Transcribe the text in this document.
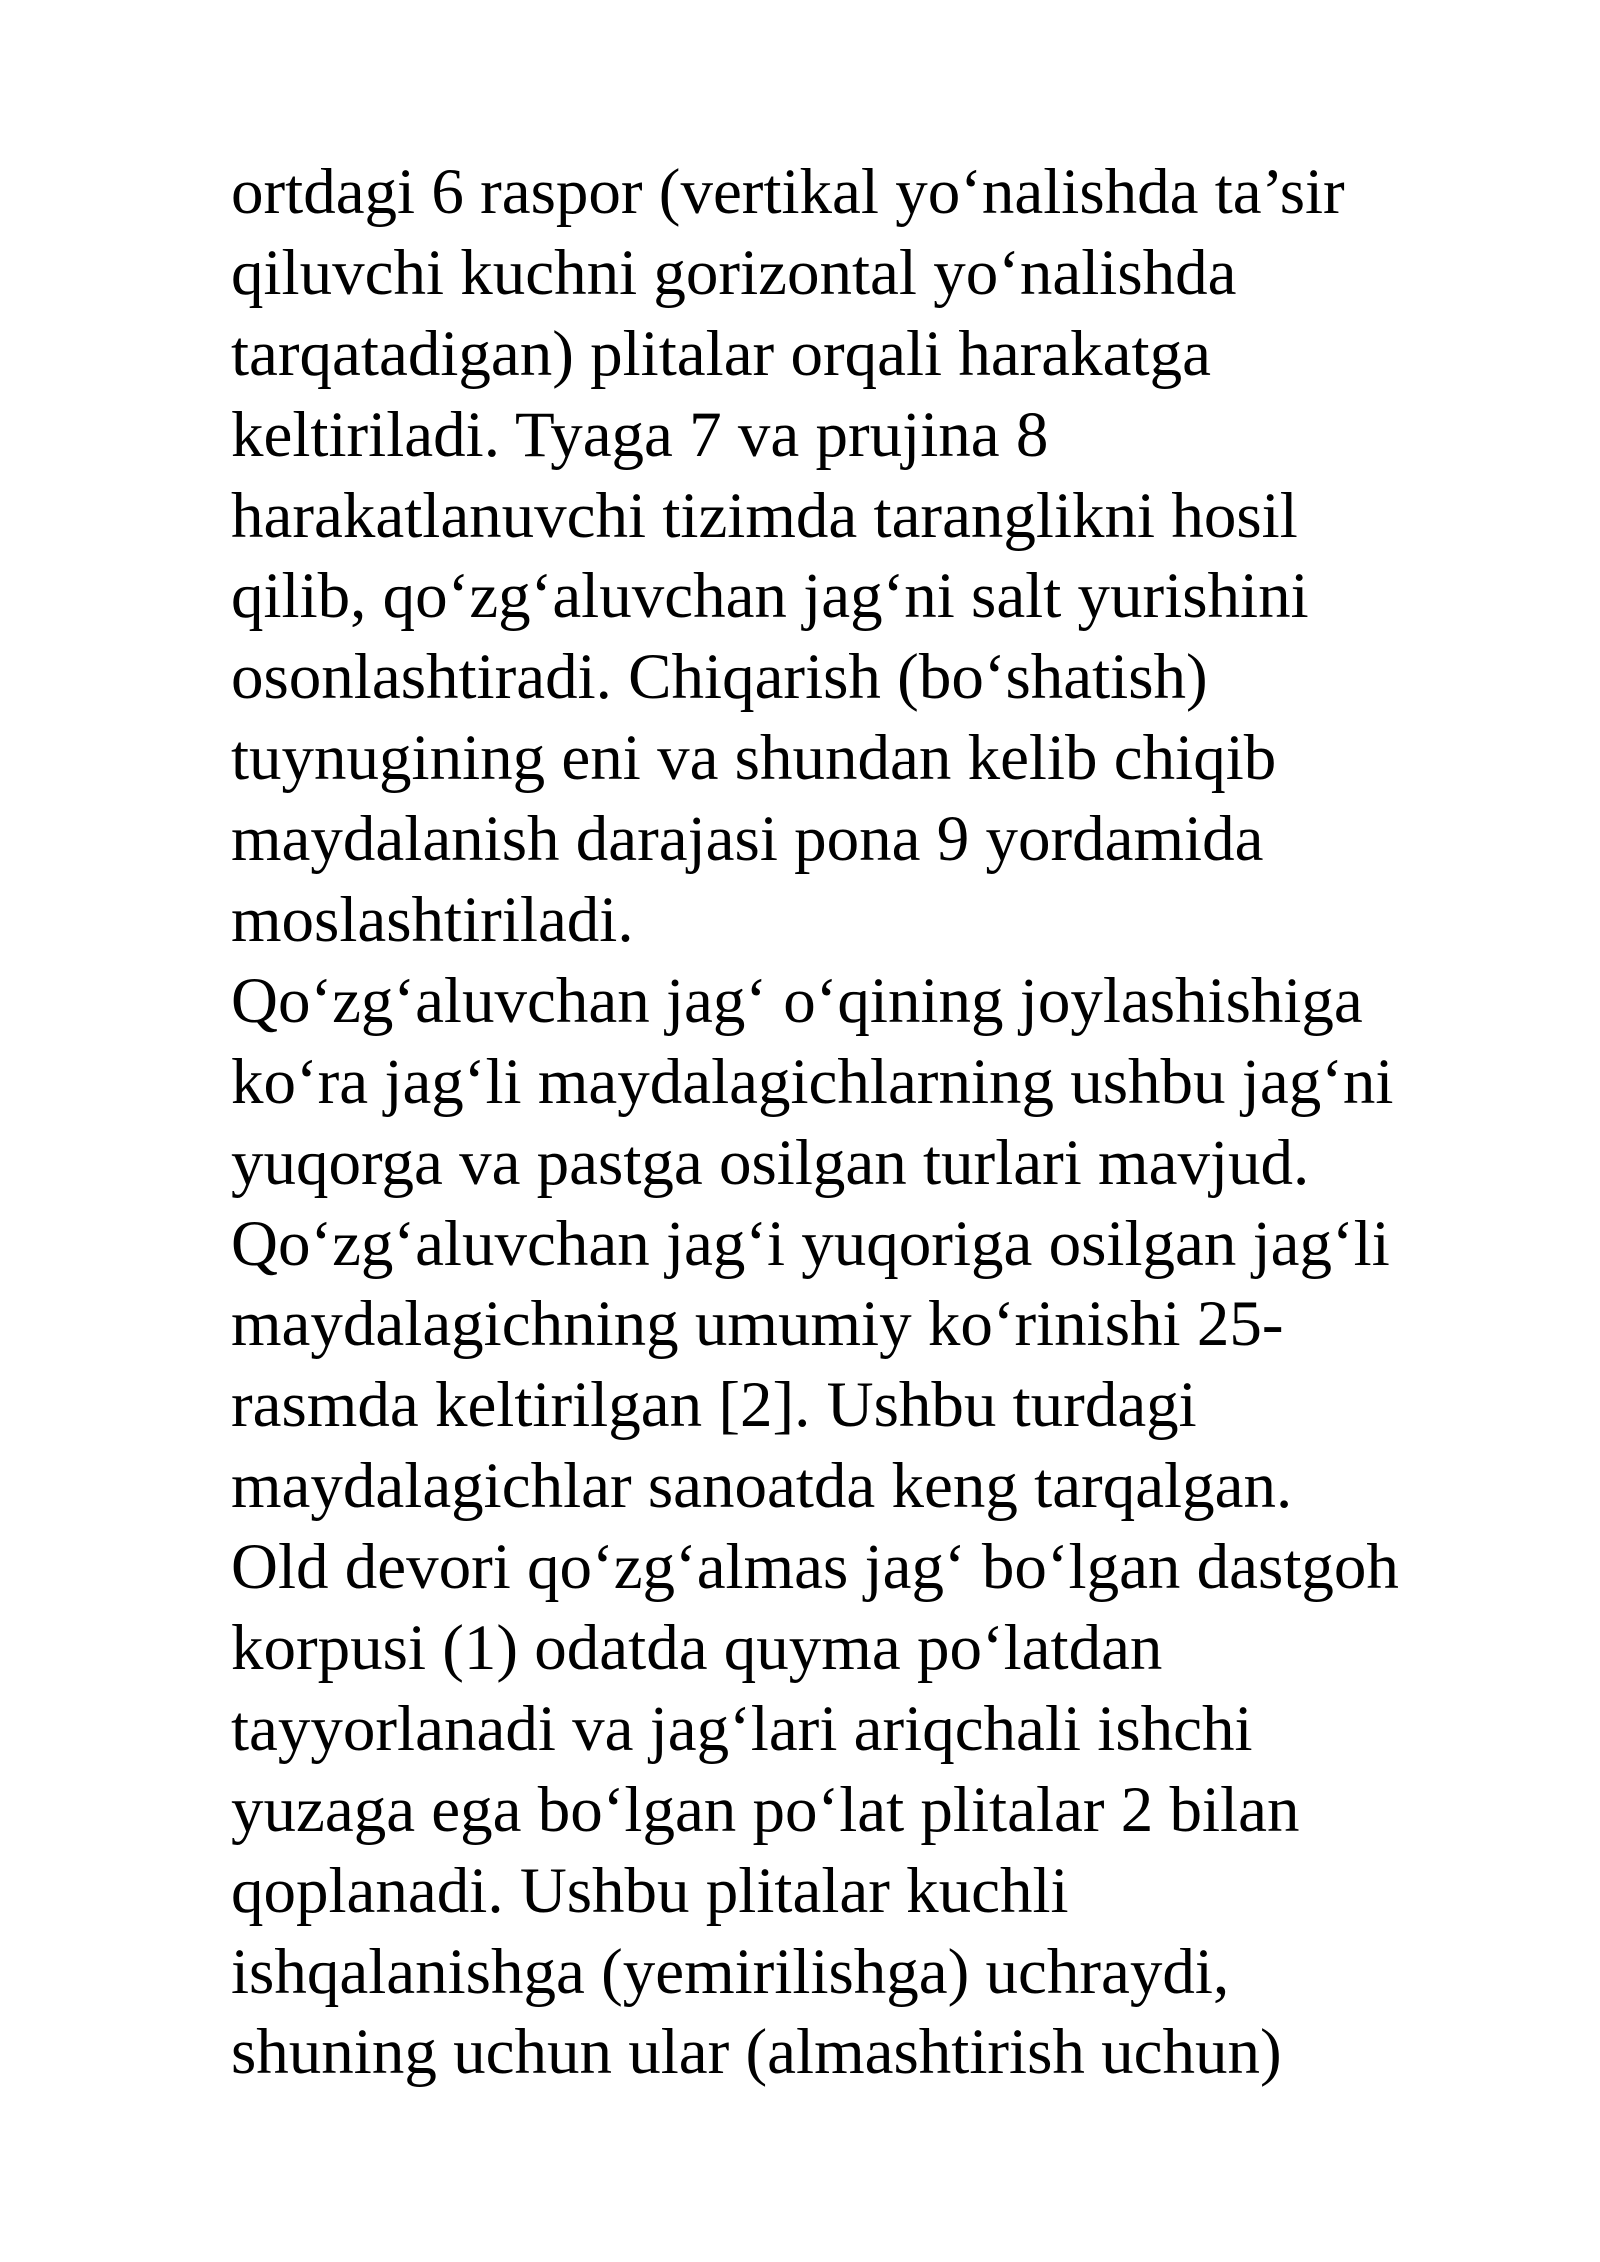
ortdagi 6 raspor (vertikal yo‘nalishda ta’sir
qiluvchi kuchni gorizontal yo‘nalishda
tarqatadigan) plitalar orqali harakatga
keltiriladi. Tyaga 7 va prujina 8
harakatlanuvchi tizimda taranglikni hosil
qilib, qo‘zg‘aluvchan jag‘ni salt yurishini
osonlashtiradi. Chiqarish (bo‘shatish)
tuynugining eni va shundan kelib chiqib
maydalanish darajasi pona 9 yordamida
moslashtiriladi.
Qo‘zg‘aluvchan jag‘ o‘qining joylashishiga
ko‘ra jag‘li maydalagichlarning ushbu jag‘ni
yuqorga va pastga osilgan turlari mavjud.
Qo‘zg‘aluvchan jag‘i yuqoriga osilgan jag‘li
maydalagichning umumiy ko‘rinishi 25-
rasmda keltirilgan [2]. Ushbu turdagi
maydalagichlar sanoatda keng tarqalgan.
Old devori qo‘zg‘almas jag‘ bo‘lgan dastgoh
korpusi (1) odatda quyma po‘latdan
tayyorlanadi va jag‘lari ariqchali ishchi
yuzaga ega bo‘lgan po‘lat plitalar 2 bilan
qoplanadi. Ushbu plitalar kuchli
ishqalanishga (yemirilishga) uchraydi,
shuning uchun ular (almashtirish uchun)
